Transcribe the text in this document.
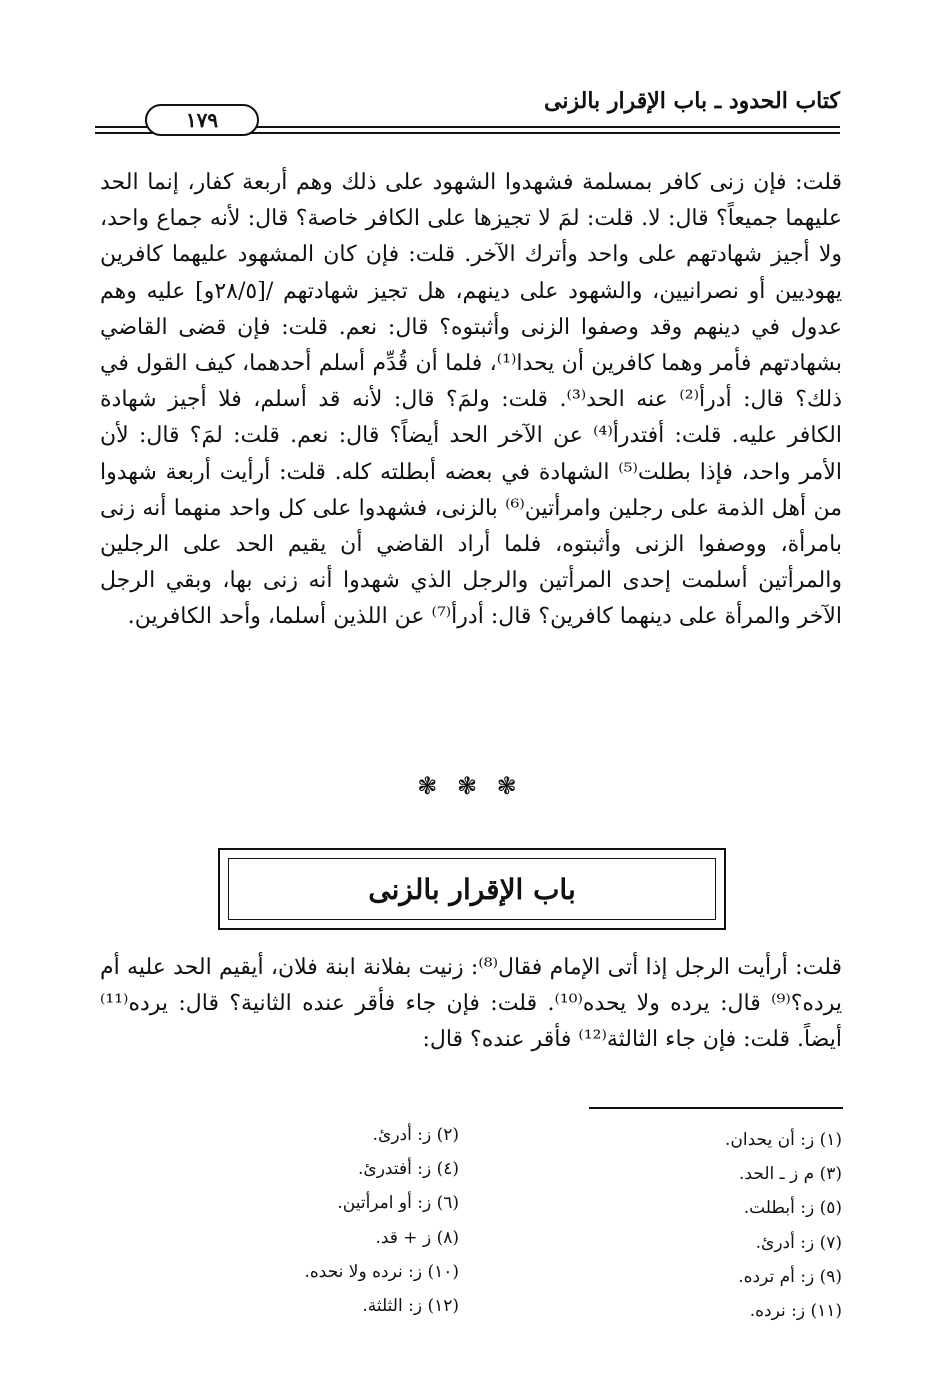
كتاب الحدود ـ باب الإقرار بالزنى
١٧٩

قلت: فإن زنى كافر بمسلمة فشهدوا الشهود على ذلك وهم أربعة كفار، إنما الحد عليهما جميعاً؟ قال: لا. قلت: لمَ لا تجيزها على الكافر خاصة؟ قال: لأنه جماع واحد، ولا أجيز شهادتهم على واحد وأترك الآخر. قلت: فإن كان المشهود عليهما كافرين يهوديين أو نصرانيين، والشهود على دينهم، هل تجيز شهادتهم /[٢٨/٥و] عليه وهم عدول في دينهم وقد وصفوا الزنى وأثبتوه؟ قال: نعم. قلت: فإن قضى القاضي بشهادتهم فأمر وهما كافرين أن يحدا⁽¹⁾، فلما أن قُدِّم أسلم أحدهما، كيف القول في ذلك؟ قال: أدرأ⁽²⁾ عنه الحد⁽³⁾. قلت: ولمَ؟ قال: لأنه قد أسلم، فلا أجيز شهادة الكافر عليه. قلت: أفتدرأ⁽⁴⁾ عن الآخر الحد أيضاً؟ قال: نعم. قلت: لمَ؟ قال: لأن الأمر واحد، فإذا بطلت⁽⁵⁾ الشهادة في بعضه أبطلته كله. قلت: أرأيت أربعة شهدوا من أهل الذمة على رجلين وامرأتين⁽⁶⁾ بالزنى، فشهدوا على كل واحد منهما أنه زنى بامرأة، ووصفوا الزنى وأثبتوه، فلما أراد القاضي أن يقيم الحد على الرجلين والمرأتين أسلمت إحدى المرأتين والرجل الذي شهدوا أنه زنى بها، وبقي الرجل الآخر والمرأة على دينهما كافرين؟ قال: أدرأ⁽⁷⁾ عن اللذين أسلما، وأحد الكافرين.

❃ ❃ ❃
باب الإقرار بالزنى

قلت: أرأيت الرجل إذا أتى الإمام فقال⁽⁸⁾: زنيت بفلانة ابنة فلان، أيقيم الحد عليه أم يرده؟⁽⁹⁾ قال: يرده ولا يحده⁽¹⁰⁾. قلت: فإن جاء فأقر عنده الثانية؟ قال: يرده⁽¹¹⁾ أيضاً. قلت: فإن جاء الثالثة⁽¹²⁾ فأقر عنده؟ قال:

(١) ز: أن يحدان.
(٣) م ز ـ الحد.
(٥) ز: أبطلت.
(٧) ز: أدرئ.
(٩) ز: أم ترده.
(١١) ز: نرده.
(٢) ز: أدرئ.
(٤) ز: أفتدرئ.
(٦) ز: أو امرأتين.
(٨) ز + قد.
(١٠) ز: نرده ولا نحده.
(١٢) ز: الثلثة.
